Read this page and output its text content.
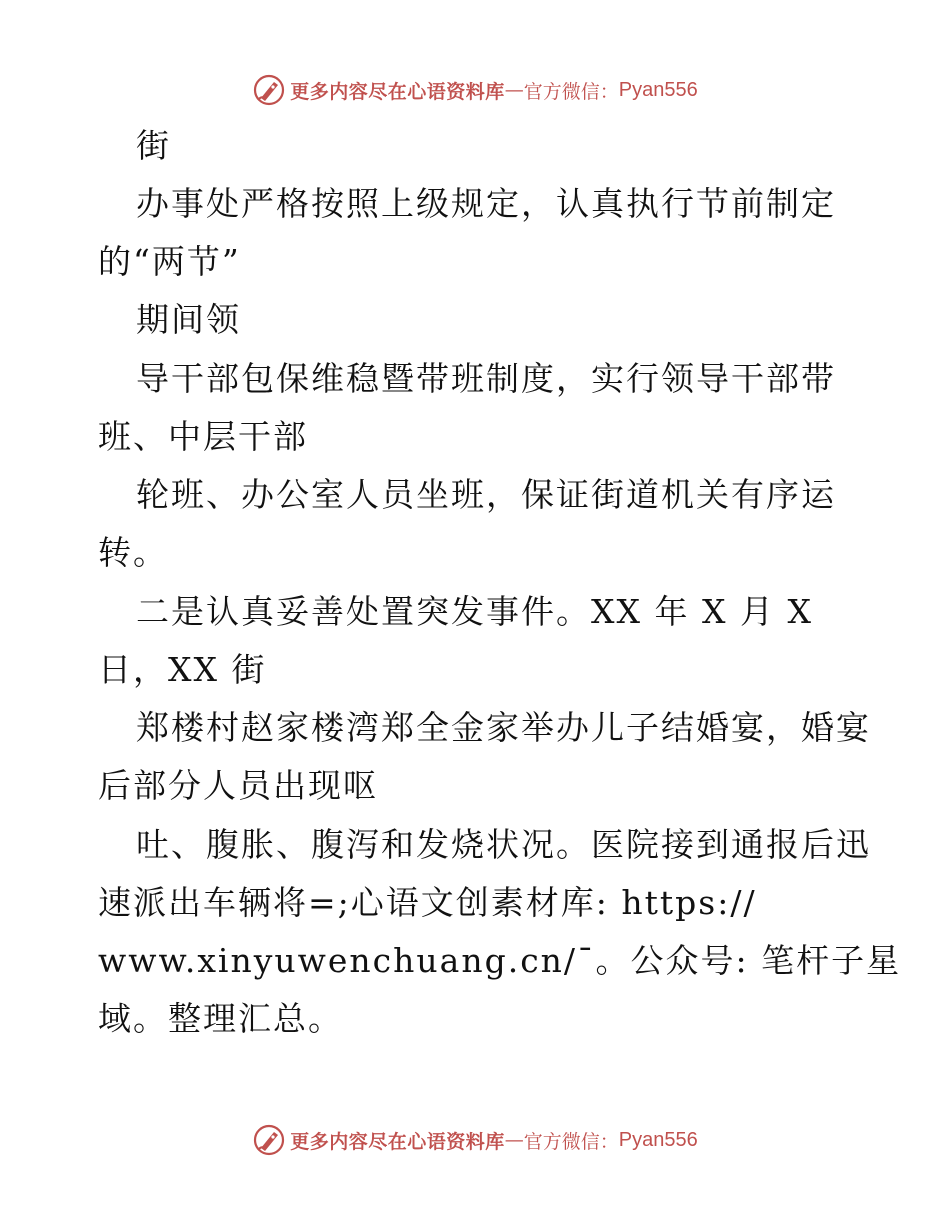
更多内容尽在心语资料库 — 官方微信： Pyan556
街
办事处严格按照上级规定，认真执行节前制定
的“两节”
期间领
导干部包保维稳暨带班制度，实行领导干部带
班、中层干部
轮班、办公室人员坐班，保证街道机关有序运
转。
二是认真妥善处置突发事件。XX 年 X 月 X
日，XX 街
郑楼村赵家楼湾郑全金家举办儿子结婚宴，婚宴
后部分人员出现呕
吐、腹胀、腹泻和发烧状况。医院接到通报后迅
速派出车辆将=;心语文创素材库: https://
www.xinyuwenchuang.cn/¯。公众号: 笔杆子星
域。整理汇总。
更多内容尽在心语资料库 — 官方微信： Pyan556
